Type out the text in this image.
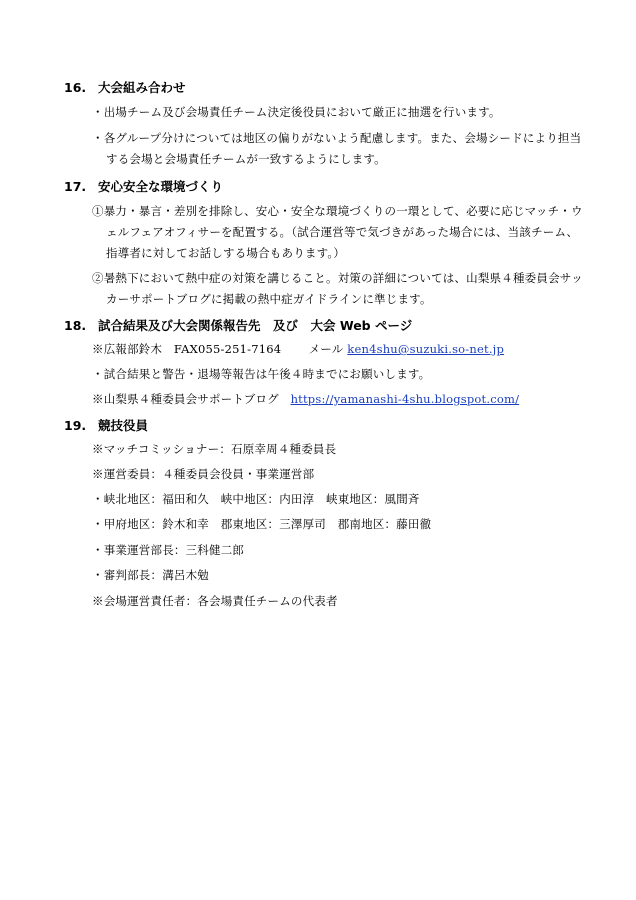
16. 大会組み合わせ
・出場チーム及び会場責任チーム決定後役員において厳正に抽選を行います。
・各グループ分けについては地区の偏りがないよう配慮します。また、会場シードにより担当
する会場と会場責任チームが一致するようにします。
17. 安心安全な環境づくり
①暴力・暴言・差別を排除し、安心・安全な環境づくりの一環として、必要に応じマッチ・ウ
ェルフェアオフィサーを配置する。（試合運営等で気づきがあった場合には、当該チーム、
指導者に対してお話しする場合もあります。）
②暑熱下において熱中症の対策を講じること。対策の詳細については、山梨県４種委員会サッ
カーサポートブログに掲載の熱中症ガイドラインに準じます。
18. 試合結果及び大会関係報告先　及び　大会 Web ページ
※広報部鈴木　FAX055-251-7164　　 メール ken4shu@suzuki.so-net.jp
・試合結果と警告・退場等報告は午後４時までにお願いします。
※山梨県４種委員会サポートブログ　https://yamanashi-4shu.blogspot.com/
19. 競技役員
※マッチコミッショナー：石原幸周４種委員長
※運営委員：４種委員会役員・事業運営部
・峡北地区：福田和久　峡中地区：内田淳　峡東地区：風間斉
・甲府地区：鈴木和幸　郡東地区：三澤厚司　郡南地区：藤田徹
・事業運営部長：三科健二郎
・審判部長：溝呂木勉
※会場運営責任者：各会場責任チームの代表者
